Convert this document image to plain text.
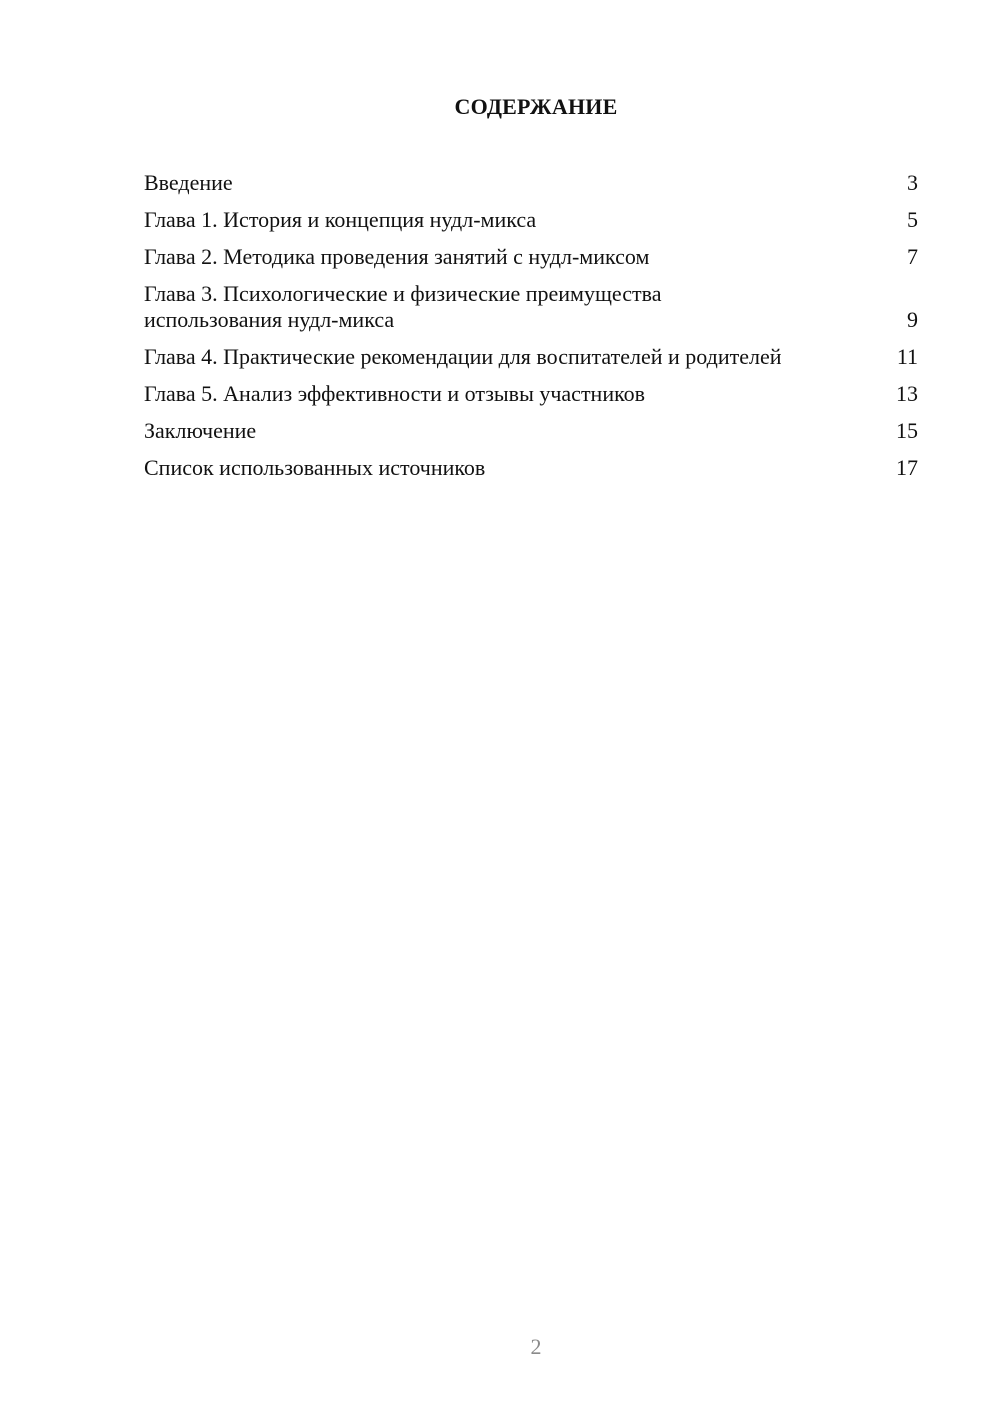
СОДЕРЖАНИЕ
Введение	3
Глава 1. История и концепция нудл-микса	5
Глава 2. Методика проведения занятий с нудл-миксом	7
Глава 3. Психологические и физические преимущества использования нудл-микса	9
Глава 4. Практические рекомендации для воспитателей и родителей	11
Глава 5. Анализ эффективности и отзывы участников	13
Заключение	15
Список использованных источников	17
2
